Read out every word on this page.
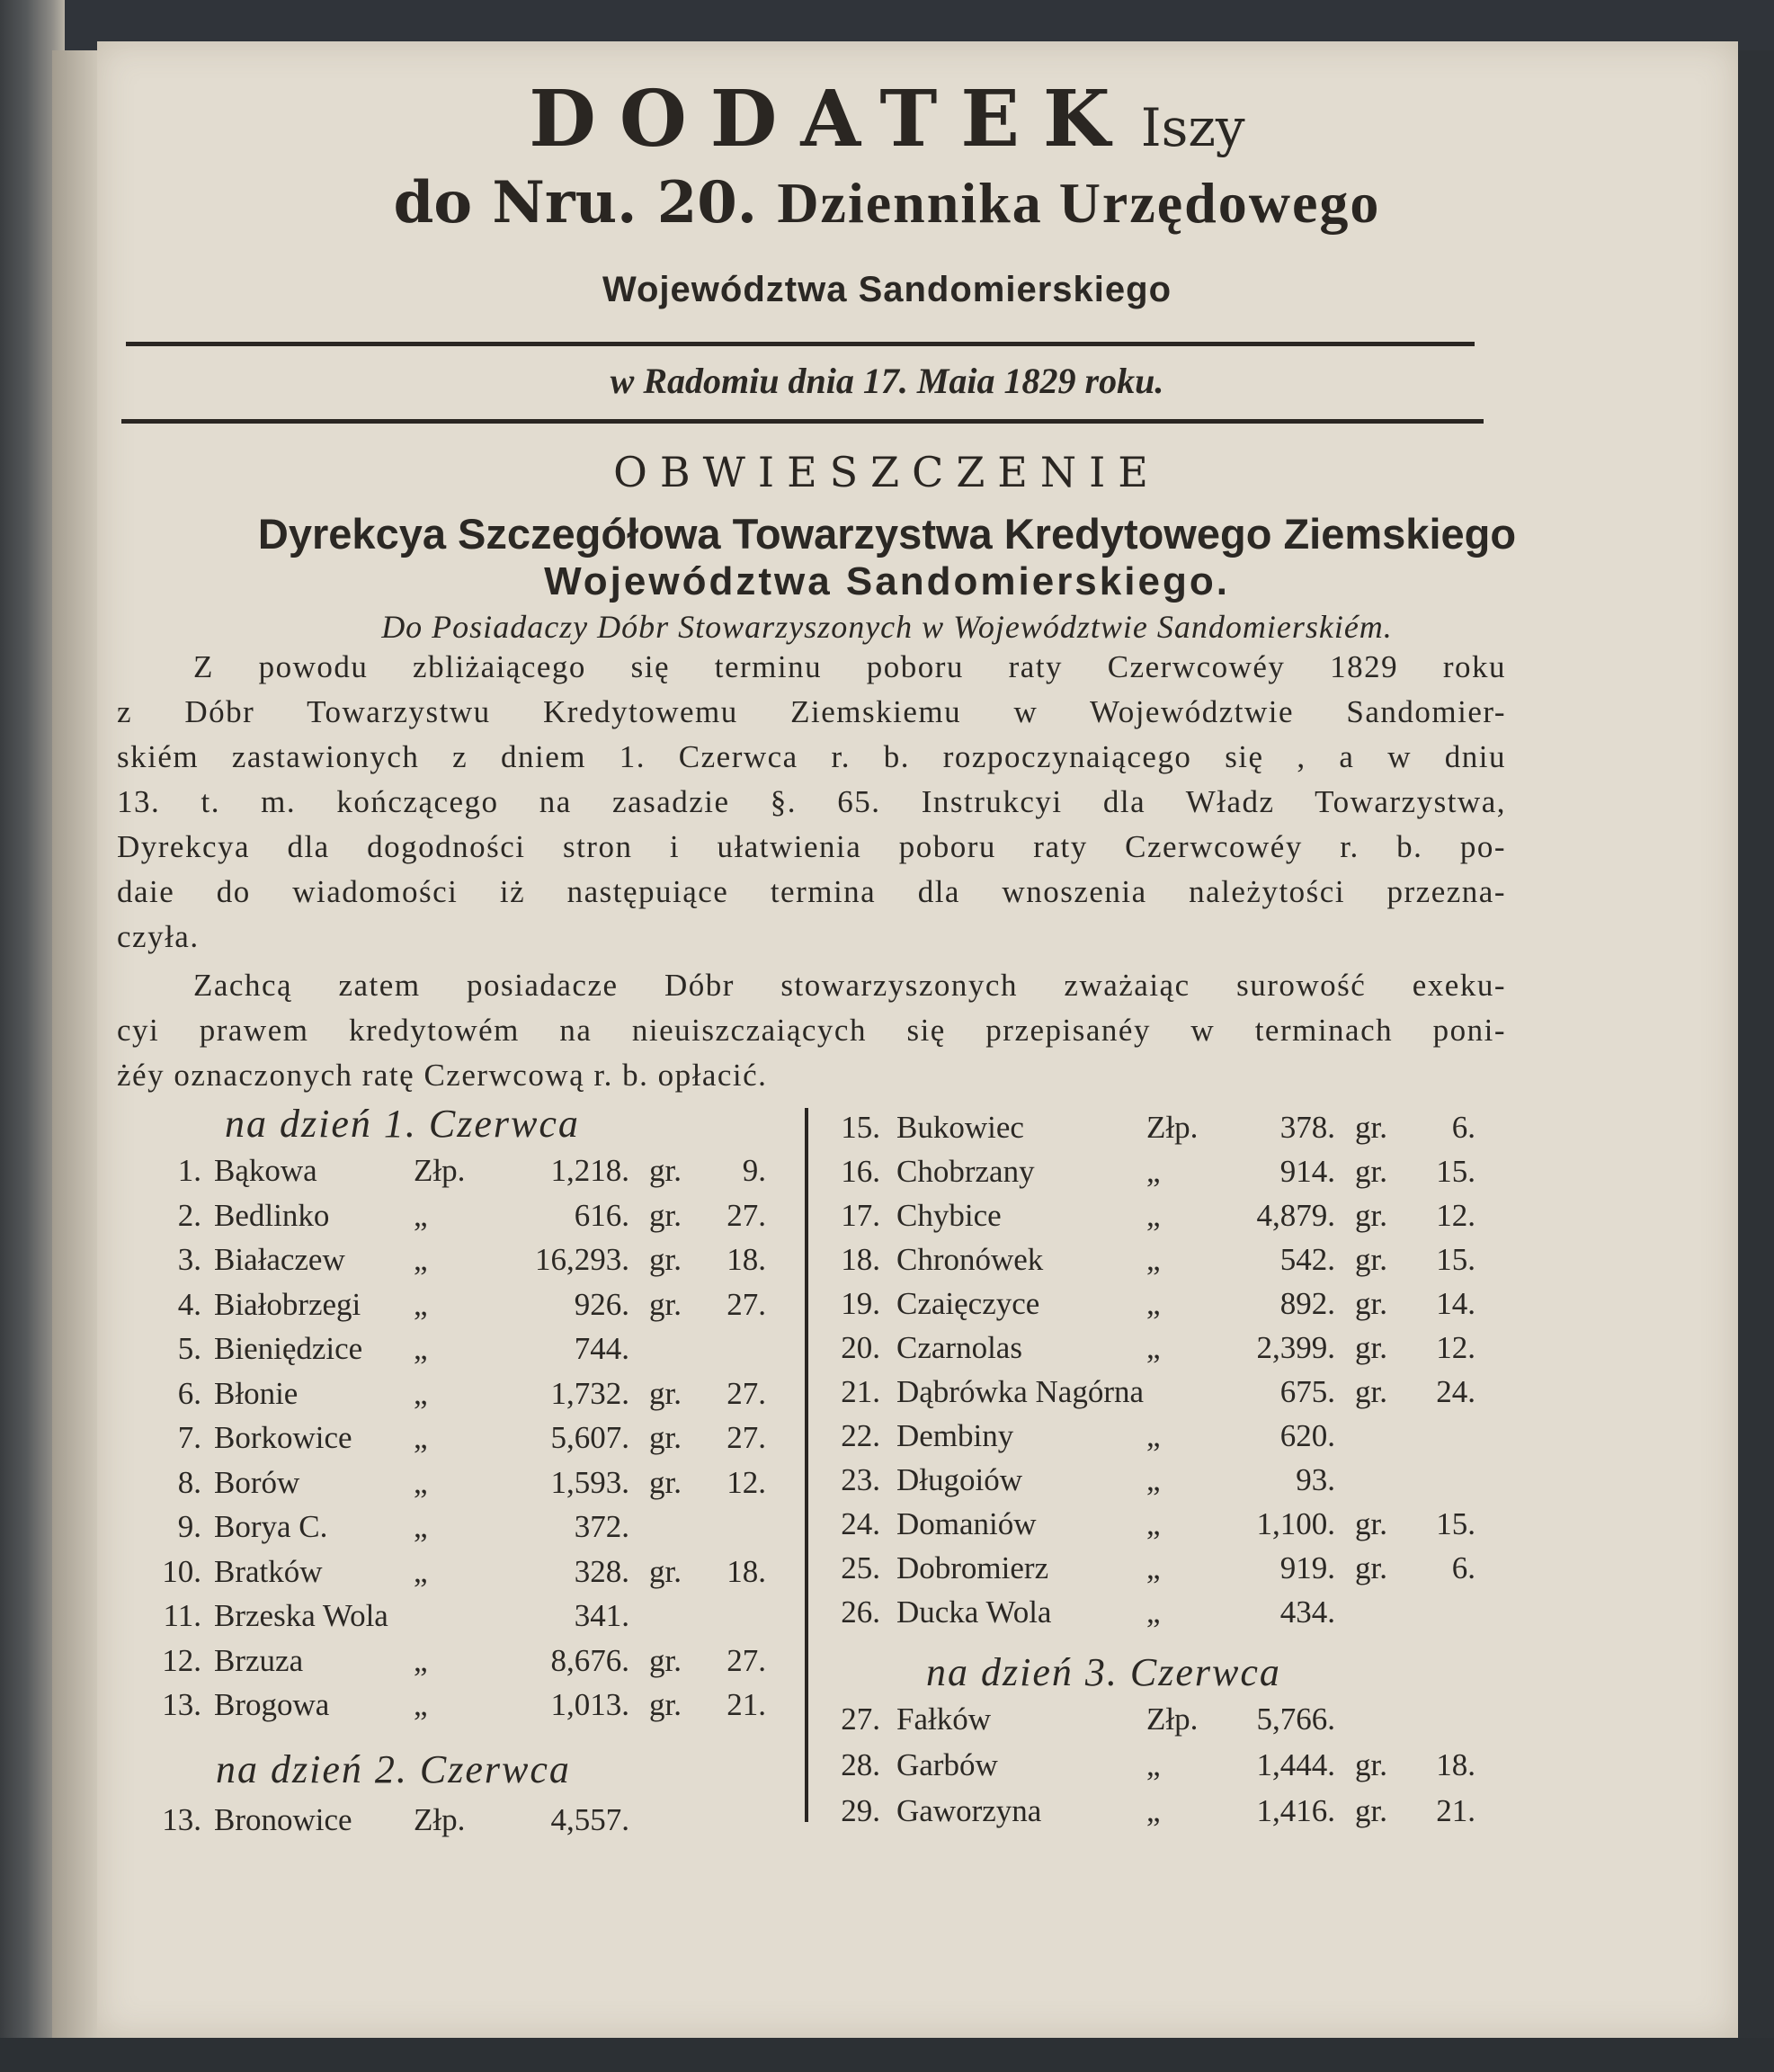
DODATEK Iszy
do Nru. 20. Dziennika Urzędowego
Województwa Sandomierskiego
w Radomiu dnia 17. Maia 1829 roku.
OBWIESZCZENIE
Dyrekcya Szczegółowa Towarzystwa Kredytowego Ziemskiego
Województwa Sandomierskiego.
Do Posiadaczy Dóbr Stowarzyszonych w Województwie Sandomierskiém.
Z powodu zbliżaiącego się terminu poboru raty Czerwcowéy 1829 roku
z Dóbr Towarzystwu Kredytowemu Ziemskiemu w Województwie Sandomier-
skiém zastawionych z dniem 1. Czerwca r. b. rozpoczynaiącego się , a w dniu
13. t. m. kończącego na zasadzie §. 65. Instrukcyi dla Władz Towarzystwa,
Dyrekcya dla dogodności stron i ułatwienia poboru raty Czerwcowéy r. b. po-
daie do wiadomości iż następuiące termina dla wnoszenia należytości przezna-
czyła.
Zachcą zatem posiadacze Dóbr stowarzyszonych zważaiąc surowość exeku-
cyi prawem kredytowém na nieuiszczaiących się przepisanéy w terminach poni-
żéy oznaczonych ratę Czerwcową r. b. opłacić.
na dzień 1. Czerwca
1. Bąkowa	Złp.	1,218. gr.	9.
2. Bedlinko	„	616. gr.	27.
3. Białaczew „	16,293. gr.	18.
4. Białobrzegi „	926. gr.	27.
5. Bieniędzice „	744.
6. Błonie	„	1,732. gr.	27.
7. Borkowice „	5,607. gr.	27.
8. Borów	„	1,593. gr.	12.
9. Borya C.	„	372.
10. Bratków	„	328. gr.	18.
11. Brzeska Wola	341.
12. Brzuza	„	8,676. gr.	27.
13. Brogowa	„	1,013. gr.	21.
na dzień 2. Czerwca
13. Bronowice Złp.	4,557.
15. Bukowiec	Złp.	378. gr.	6.
16. Chobrzany	„	914. gr.	15.
17. Chybice	„	4,879. gr.	12.
18. Chronówek	„	542. gr.	15.
19. Czaięczyce	„	892. gr.	14.
20. Czarnolas	„	2,399. gr.	12.
21. Dąbrówka Nagórna	675. gr.	24.
22. Dembiny	„	620.
23. Długoiów	„	93.
24. Domaniów	„	1,100. gr.	15.
25. Dobromierz	„	919. gr.	6.
26. Ducka Wola	„	434.
na dzień 3. Czerwca
27. Fałków	Złp.	5,766.
28. Garbów	„	1,444. gr.	18.
29. Gaworzyna	„	1,416. gr.	21.
